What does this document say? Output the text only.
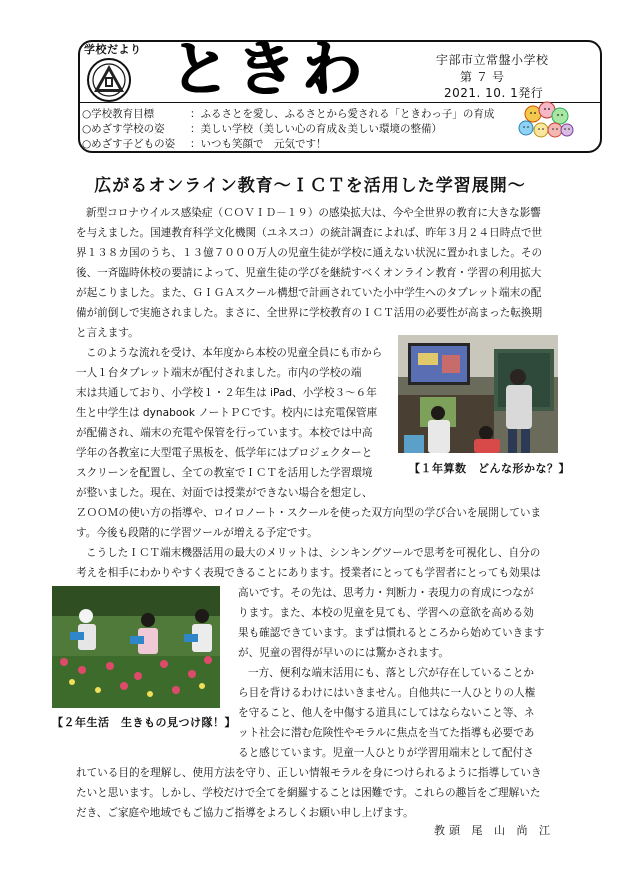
学校だより ときわ	宇部市立常盤小学校
第７号
2021. 10. 1発行
○学校教育目標	：ふるさとを愛し、ふるさとから愛される「ときわっ子」の育成
○めざす学校の姿 ：美しい学校（美しい心の育成＆美しい環境の整備）
○めざす子どもの姿 ：いつも笑顔で　元気です！
広がるオンライン教育～ＩＣＴを活用した学習展開～
新型コロナウイルス感染症（ＣＯＶＩＤ－１９）の感染拡大は、今や全世界の教育に大きな影響
を与えました。国連教育科学文化機関（ユネスコ）の統計調査によれば、昨年３月２４日時点で世
界１３８カ国のうち、１３億７０００万人の児童生徒が学校に通えない状況に置かれました。その
後、一斉臨時休校の要請によって、児童生徒の学びを継続すべくオンライン教育・学習の利用拡大
が起こりました。また、ＧＩＧＡスクール構想で計画されていた小中学生へのタブレット端末の配
備が前倒しで実施されました。まさに、全世界に学校教育のＩＣＴ活用の必要性が高まった転換期
と言えます。
このような流れを受け、本年度から本校の児童全員にも市から
一人１台タブレット端末が配付されました。市内の学校の端
末は共通しており、小学校１・２年生は iPad、小学校３～６年
生と中学生は dynabook ノートＰＣです。校内には充電保管庫
が配備され、端末の充電や保管を行っています。本校では中高
学年の各教室に大型電子黒板を、低学年にはプロジェクターと
スクリーンを配置し、全ての教室でＩＣＴを活用した学習環境
が整いました。現在、対面では授業ができない場合を想定し、
ＺＯＯＭの使い方の指導や、ロイロノート・スクールを使った双方向型の学び合いを展開していま
す。今後も段階的に学習ツールが増える予定です。
こうしたＩＣＴ端末機器活用の最大のメリットは、シンキングツールで思考を可視化し、自分の
考えを相手にわかりやすく表現できることにあります。授業者にとっても学習者にとっても効果は
高いです。その先は、思考力・判断力・表現力の育成につなが
ります。また、本校の児童を見ても、学習への意欲を高める効
果も確認できています。まずは慣れるところから始めていきます
が、児童の習得が早いのには驚かされます。
一方、便利な端末活用にも、落とし穴が存在していることか
ら目を背けるわけにはいきません。自他共に一人ひとりの人権
を守ること、他人を中傷する道具にしてはならないこと等、ネ
ット社会に潜む危険性やモラルに焦点を当てた指導も必要であ
ると感じています。児童一人ひとりが学習用端末として配付さ
れている目的を理解し、使用方法を守り、正しい情報モラルを身につけられるように指導していき
たいと思います。しかし、学校だけで全てを網羅することは困難です。これらの趣旨をご理解いた
だき、ご家庭や地域でもご協力ご指導をよろしくお願い申し上げます。
教頭 尾 山 尚 江
【１年算数　どんな形かな？】
【２年生活　生きもの見つけ隊！】
